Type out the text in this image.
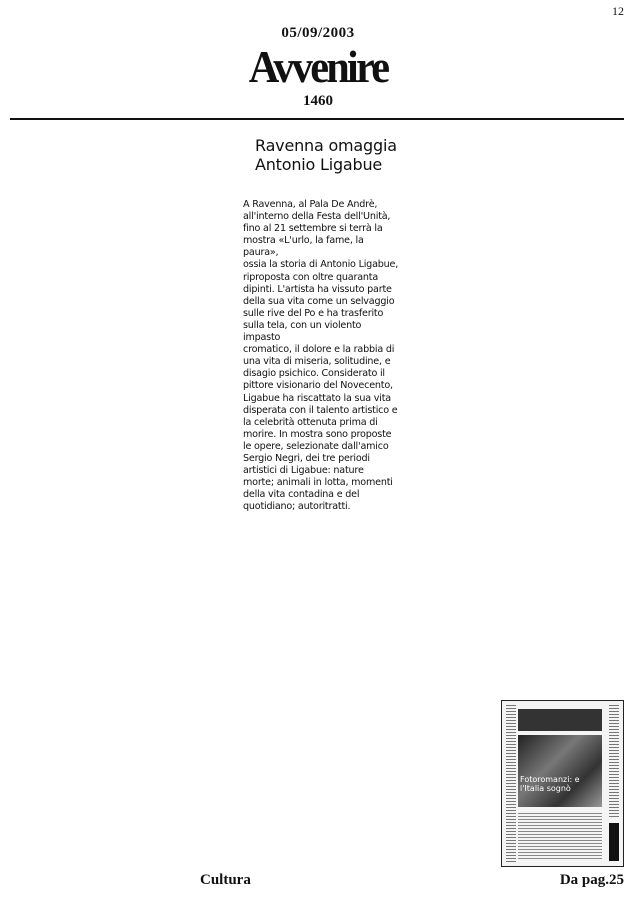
12
05/09/2003
Avvenire
1460
Ravenna omaggia
Antonio Ligabue

A Ravenna, al Pala De Andrè,
all'interno della Festa dell'Unità,
fino al 21 settembre si terrà la
mostra «L'urlo, la fame, la paura»,
ossia la storia di Antonio Ligabue,
riproposta con oltre quaranta
dipinti. L'artista ha vissuto parte
della sua vita come un selvaggio
sulle rive del Po e ha trasferito
sulla tela, con un violento impasto
cromatico, il dolore e la rabbia di
una vita di miseria, solitudine, e
disagio psichico. Considerato il
pittore visionario del Novecento,
Ligabue ha riscattato la sua vita
disperata con il talento artistico e
la celebrità ottenuta prima di
morire. In mostra sono proposte
le opere, selezionate dall'amico
Sergio Negri, dei tre periodi
artistici di Ligabue: nature
morte; animali in lotta, momenti
della vita contadina e del
quotidiano; autoritratti.

Fotoromanzi: e l'Italia sognò
Cultura	Da pag.25
